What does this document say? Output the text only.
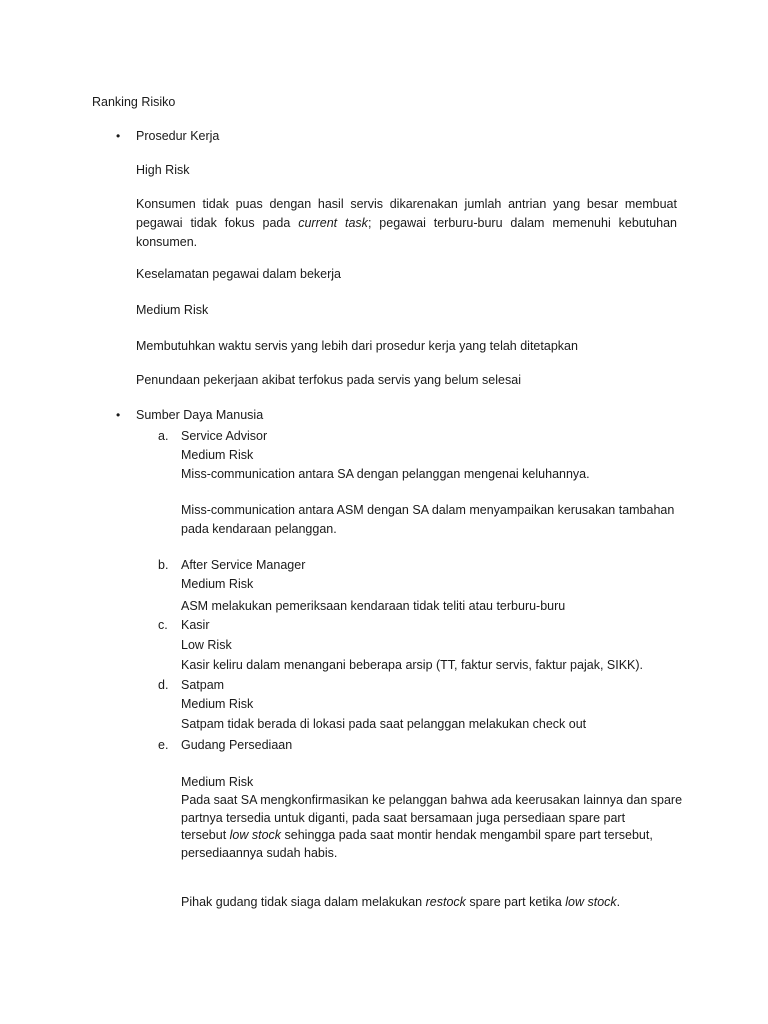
Ranking Risiko

• Prosedur Kerja

High Risk

Konsumen tidak puas dengan hasil servis dikarenakan jumlah antrian yang besar membuat pegawai tidak fokus pada current task; pegawai terburu-buru dalam memenuhi kebutuhan konsumen.

Keselamatan pegawai dalam bekerja

Medium Risk

Membutuhkan waktu servis yang lebih dari prosedur kerja yang telah ditetapkan

Penundaan pekerjaan akibat terfokus pada servis yang belum selesai

• Sumber Daya Manusia

a. Service Advisor

Medium Risk

Miss-communication antara SA dengan pelanggan mengenai keluhannya.

Miss-communication antara ASM dengan SA dalam menyampaikan kerusakan tambahan

pada kendaraan pelanggan.

b. After Service Manager

Medium Risk

ASM melakukan pemeriksaan kendaraan tidak teliti atau terburu-buru

c. Kasir

Low Risk

Kasir keliru dalam menangani beberapa arsip (TT, faktur servis, faktur pajak, SIKK).

d. Satpam

Medium Risk

Satpam tidak berada di lokasi pada saat pelanggan melakukan check out

e. Gudang Persediaan

Medium Risk

Pada saat SA mengkonfirmasikan ke pelanggan bahwa ada keerusakan lainnya dan spare

partnya tersedia untuk diganti, pada saat bersamaan juga persediaan spare part

tersebut low stock sehingga pada saat montir hendak mengambil spare part tersebut,

persediaannya sudah habis.

Pihak gudang tidak siaga dalam melakukan restock spare part ketika low stock.
